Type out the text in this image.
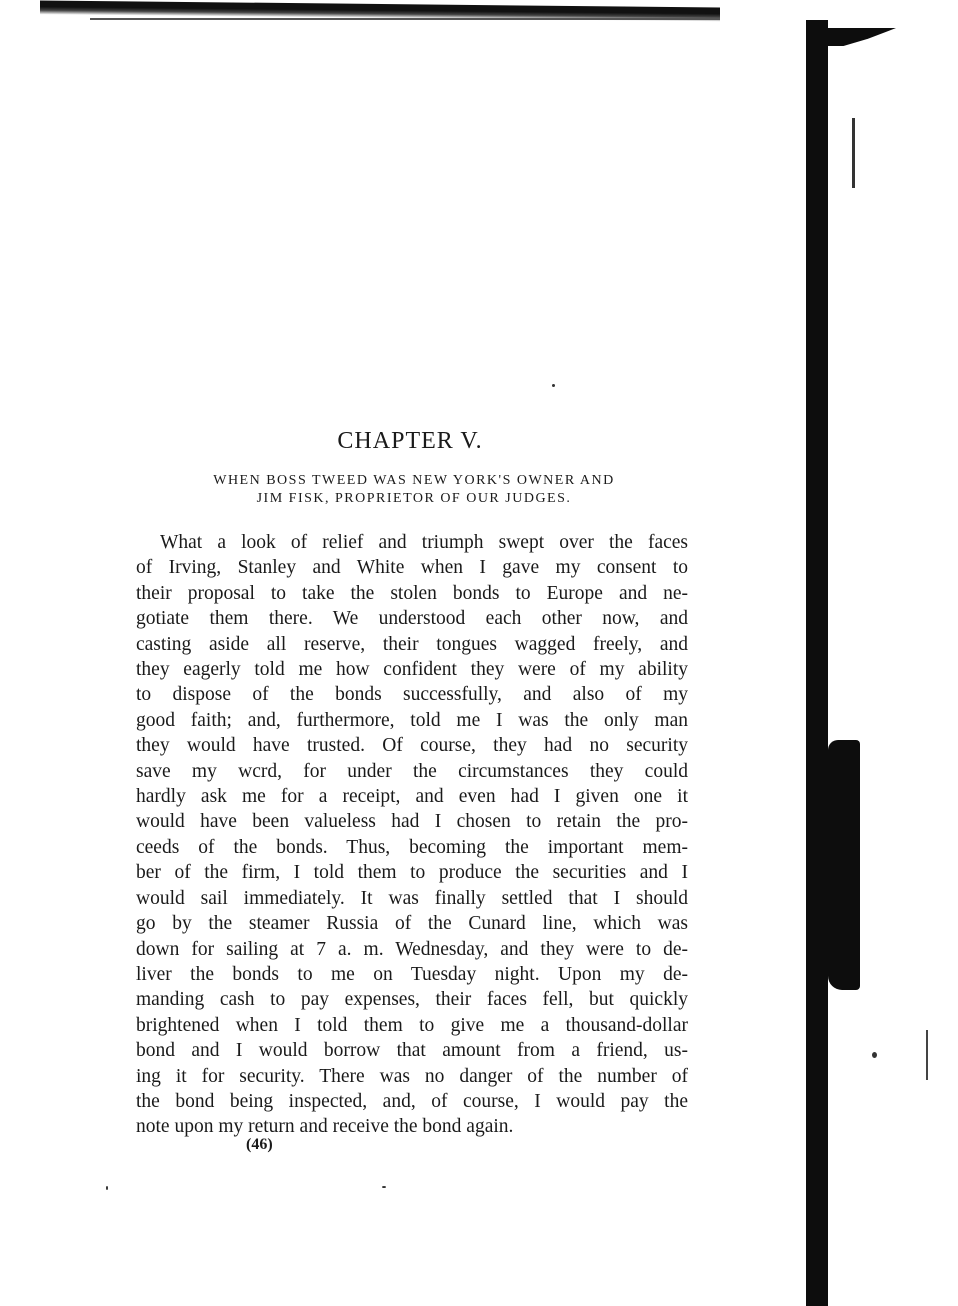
CHAPTER V.
WHEN BOSS TWEED WAS NEW YORK'S OWNER AND
JIM FISK, PROPRIETOR OF OUR JUDGES.
What a look of relief and triumph swept over the faces
of Irving, Stanley and White when I gave my consent to
their proposal to take the stolen bonds to Europe and ne-
gotiate them there. We understood each other now, and
casting aside all reserve, their tongues wagged freely, and
they eagerly told me how confident they were of my ability
to dispose of the bonds successfully, and also of my
good faith; and, furthermore, told me I was the only man
they would have trusted. Of course, they had no security
save my wcrd, for under the circumstances they could
hardly ask me for a receipt, and even had I given one it
would have been valueless had I chosen to retain the pro-
ceeds of the bonds. Thus, becoming the important mem-
ber of the firm, I told them to produce the securities and I
would sail immediately. It was finally settled that I should
go by the steamer Russia of the Cunard line, which was
down for sailing at 7 a. m. Wednesday, and they were to de-
liver the bonds to me on Tuesday night. Upon my de-
manding cash to pay expenses, their faces fell, but quickly
brightened when I told them to give me a thousand-dollar
bond and I would borrow that amount from a friend, us-
ing it for security. There was no danger of the number of
the bond being inspected, and, of course, I would pay the
note upon my return and receive the bond again.
(46)
